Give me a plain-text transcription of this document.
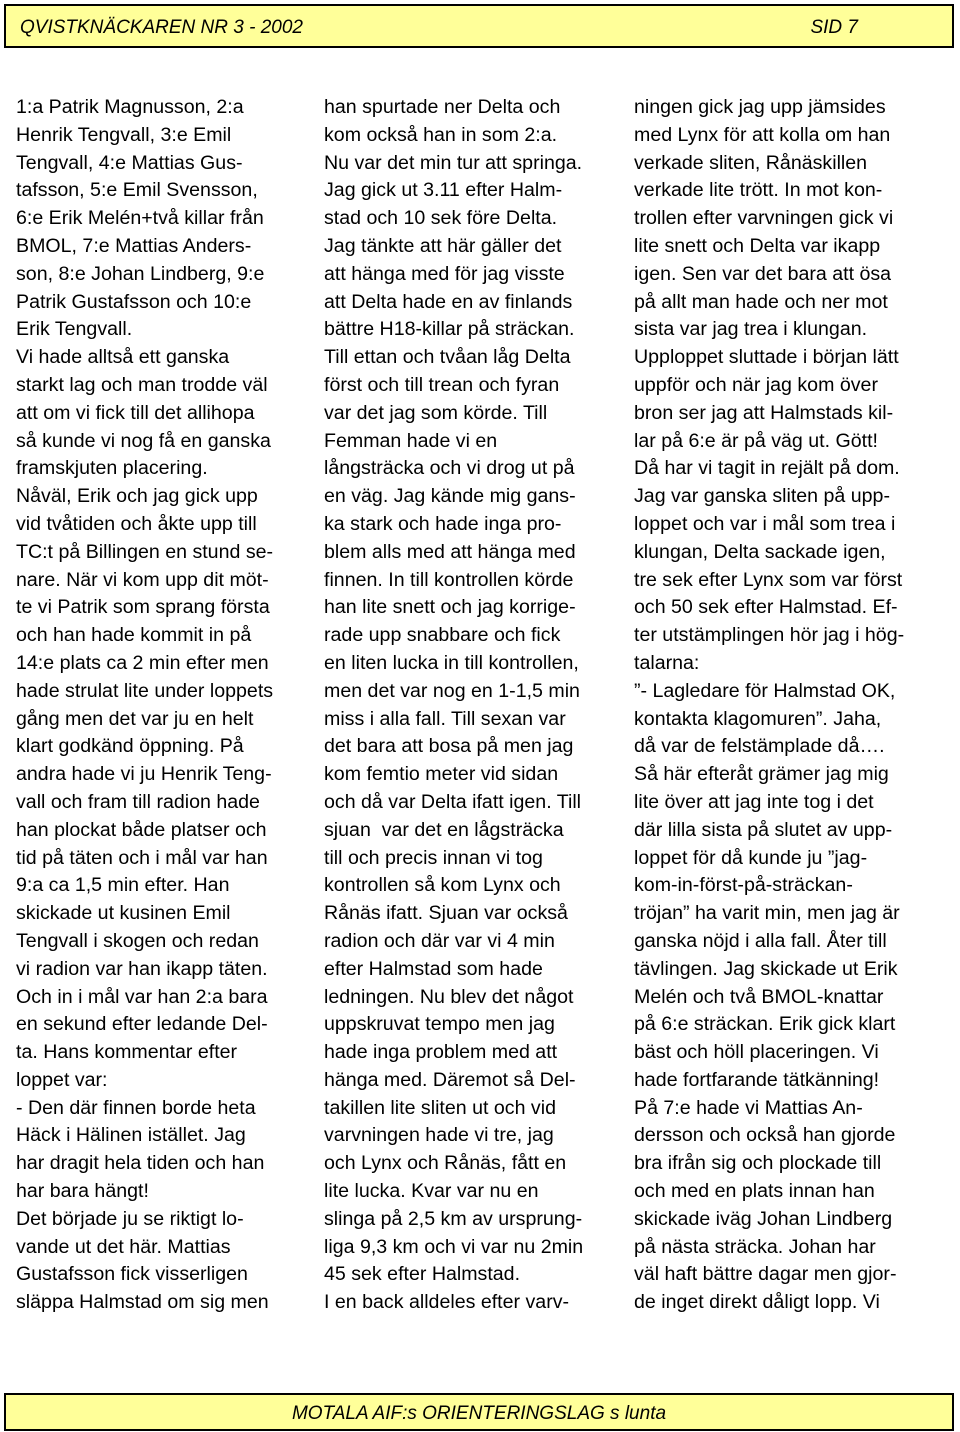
QVISTKNÄCKAREN NR 3 - 2002	SID 7
1:a Patrik Magnusson, 2:a
Henrik Tengvall, 3:e Emil
Tengvall, 4:e Mattias Gus-
tafsson, 5:e Emil Svensson,
6:e Erik Melén+två killar från
BMOL, 7:e Mattias Anders-
son, 8:e Johan Lindberg, 9:e
Patrik Gustafsson och 10:e
Erik Tengvall.
Vi hade alltså ett ganska
starkt lag och man trodde väl
att om vi fick till det allihopa
så kunde vi nog få en ganska
framskjuten placering.
Nåväl, Erik och jag gick upp
vid tvåtiden och åkte upp till
TC:t på Billingen en stund se-
nare. När vi kom upp dit möt-
te vi Patrik som sprang första
och han hade kommit in på
14:e plats ca 2 min efter men
hade strulat lite under loppets
gång men det var ju en helt
klart godkänd öppning. På
andra hade vi ju Henrik Teng-
vall och fram till radion hade
han plockat både platser och
tid på täten och i mål var han
9:a ca 1,5 min efter. Han
skickade ut kusinen Emil
Tengvall i skogen och redan
vi radion var han ikapp täten.
Och in i mål var han 2:a bara
en sekund efter ledande Del-
ta. Hans kommentar efter
loppet var:
- Den där finnen borde heta
Häck i Hälinen istället. Jag
har dragit hela tiden och han
har bara hängt!
Det började ju se riktigt lo-
vande ut det här. Mattias
Gustafsson fick visserligen
släppa Halmstad om sig men
han spurtade ner Delta och
kom också han in som 2:a.
Nu var det min tur att springa.
Jag gick ut 3.11 efter Halm-
stad och 10 sek före Delta.
Jag tänkte att här gäller det
att hänga med för jag visste
att Delta hade en av finlands
bättre H18-killar på sträckan.
Till ettan och tvåan låg Delta
först och till trean och fyran
var det jag som körde. Till
Femman hade vi en
långsträcka och vi drog ut på
en väg. Jag kände mig gans-
ka stark och hade inga pro-
blem alls med att hänga med
finnen. In till kontrollen körde
han lite snett och jag korrige-
rade upp snabbare och fick
en liten lucka in till kontrollen,
men det var nog en 1-1,5 min
miss i alla fall. Till sexan var
det bara att bosa på men jag
kom femtio meter vid sidan
och då var Delta ifatt igen. Till
sjuan  var det en lågsträcka
till och precis innan vi tog
kontrollen så kom Lynx och
Rånäs ifatt. Sjuan var också
radion och där var vi 4 min
efter Halmstad som hade
ledningen. Nu blev det något
uppskruvat tempo men jag
hade inga problem med att
hänga med. Däremot så Del-
takillen lite sliten ut och vid
varvningen hade vi tre, jag
och Lynx och Rånäs, fått en
lite lucka. Kvar var nu en
slinga på 2,5 km av ursprung-
liga 9,3 km och vi var nu 2min
45 sek efter Halmstad.
I en back alldeles efter varv-
ningen gick jag upp jämsides
med Lynx för att kolla om han
verkade sliten, Rånäskillen
verkade lite trött. In mot kon-
trollen efter varvningen gick vi
lite snett och Delta var ikapp
igen. Sen var det bara att ösa
på allt man hade och ner mot
sista var jag trea i klungan.
Upploppet sluttade i början lätt
uppför och när jag kom över
bron ser jag att Halmstads kil-
lar på 6:e är på väg ut. Gött!
Då har vi tagit in rejält på dom.
Jag var ganska sliten på upp-
loppet och var i mål som trea i
klungan, Delta sackade igen,
tre sek efter Lynx som var först
och 50 sek efter Halmstad. Ef-
ter utstämplingen hör jag i hög-
talarna:
”- Lagledare för Halmstad OK,
kontakta klagomuren”. Jaha,
då var de felstämplade då….
Så här efteråt grämer jag mig
lite över att jag inte tog i det
där lilla sista på slutet av upp-
loppet för då kunde ju ”jag-
kom-in-först-på-sträckan-
tröjan” ha varit min, men jag är
ganska nöjd i alla fall. Åter till
tävlingen. Jag skickade ut Erik
Melén och två BMOL-knattar
på 6:e sträckan. Erik gick klart
bäst och höll placeringen. Vi
hade fortfarande tätkänning!
På 7:e hade vi Mattias An-
dersson och också han gjorde
bra ifrån sig och plockade till
och med en plats innan han
skickade iväg Johan Lindberg
på nästa sträcka. Johan har
väl haft bättre dagar men gjor-
de inget direkt dåligt lopp. Vi
MOTALA AIF:s ORIENTERINGSLAG s lunta
